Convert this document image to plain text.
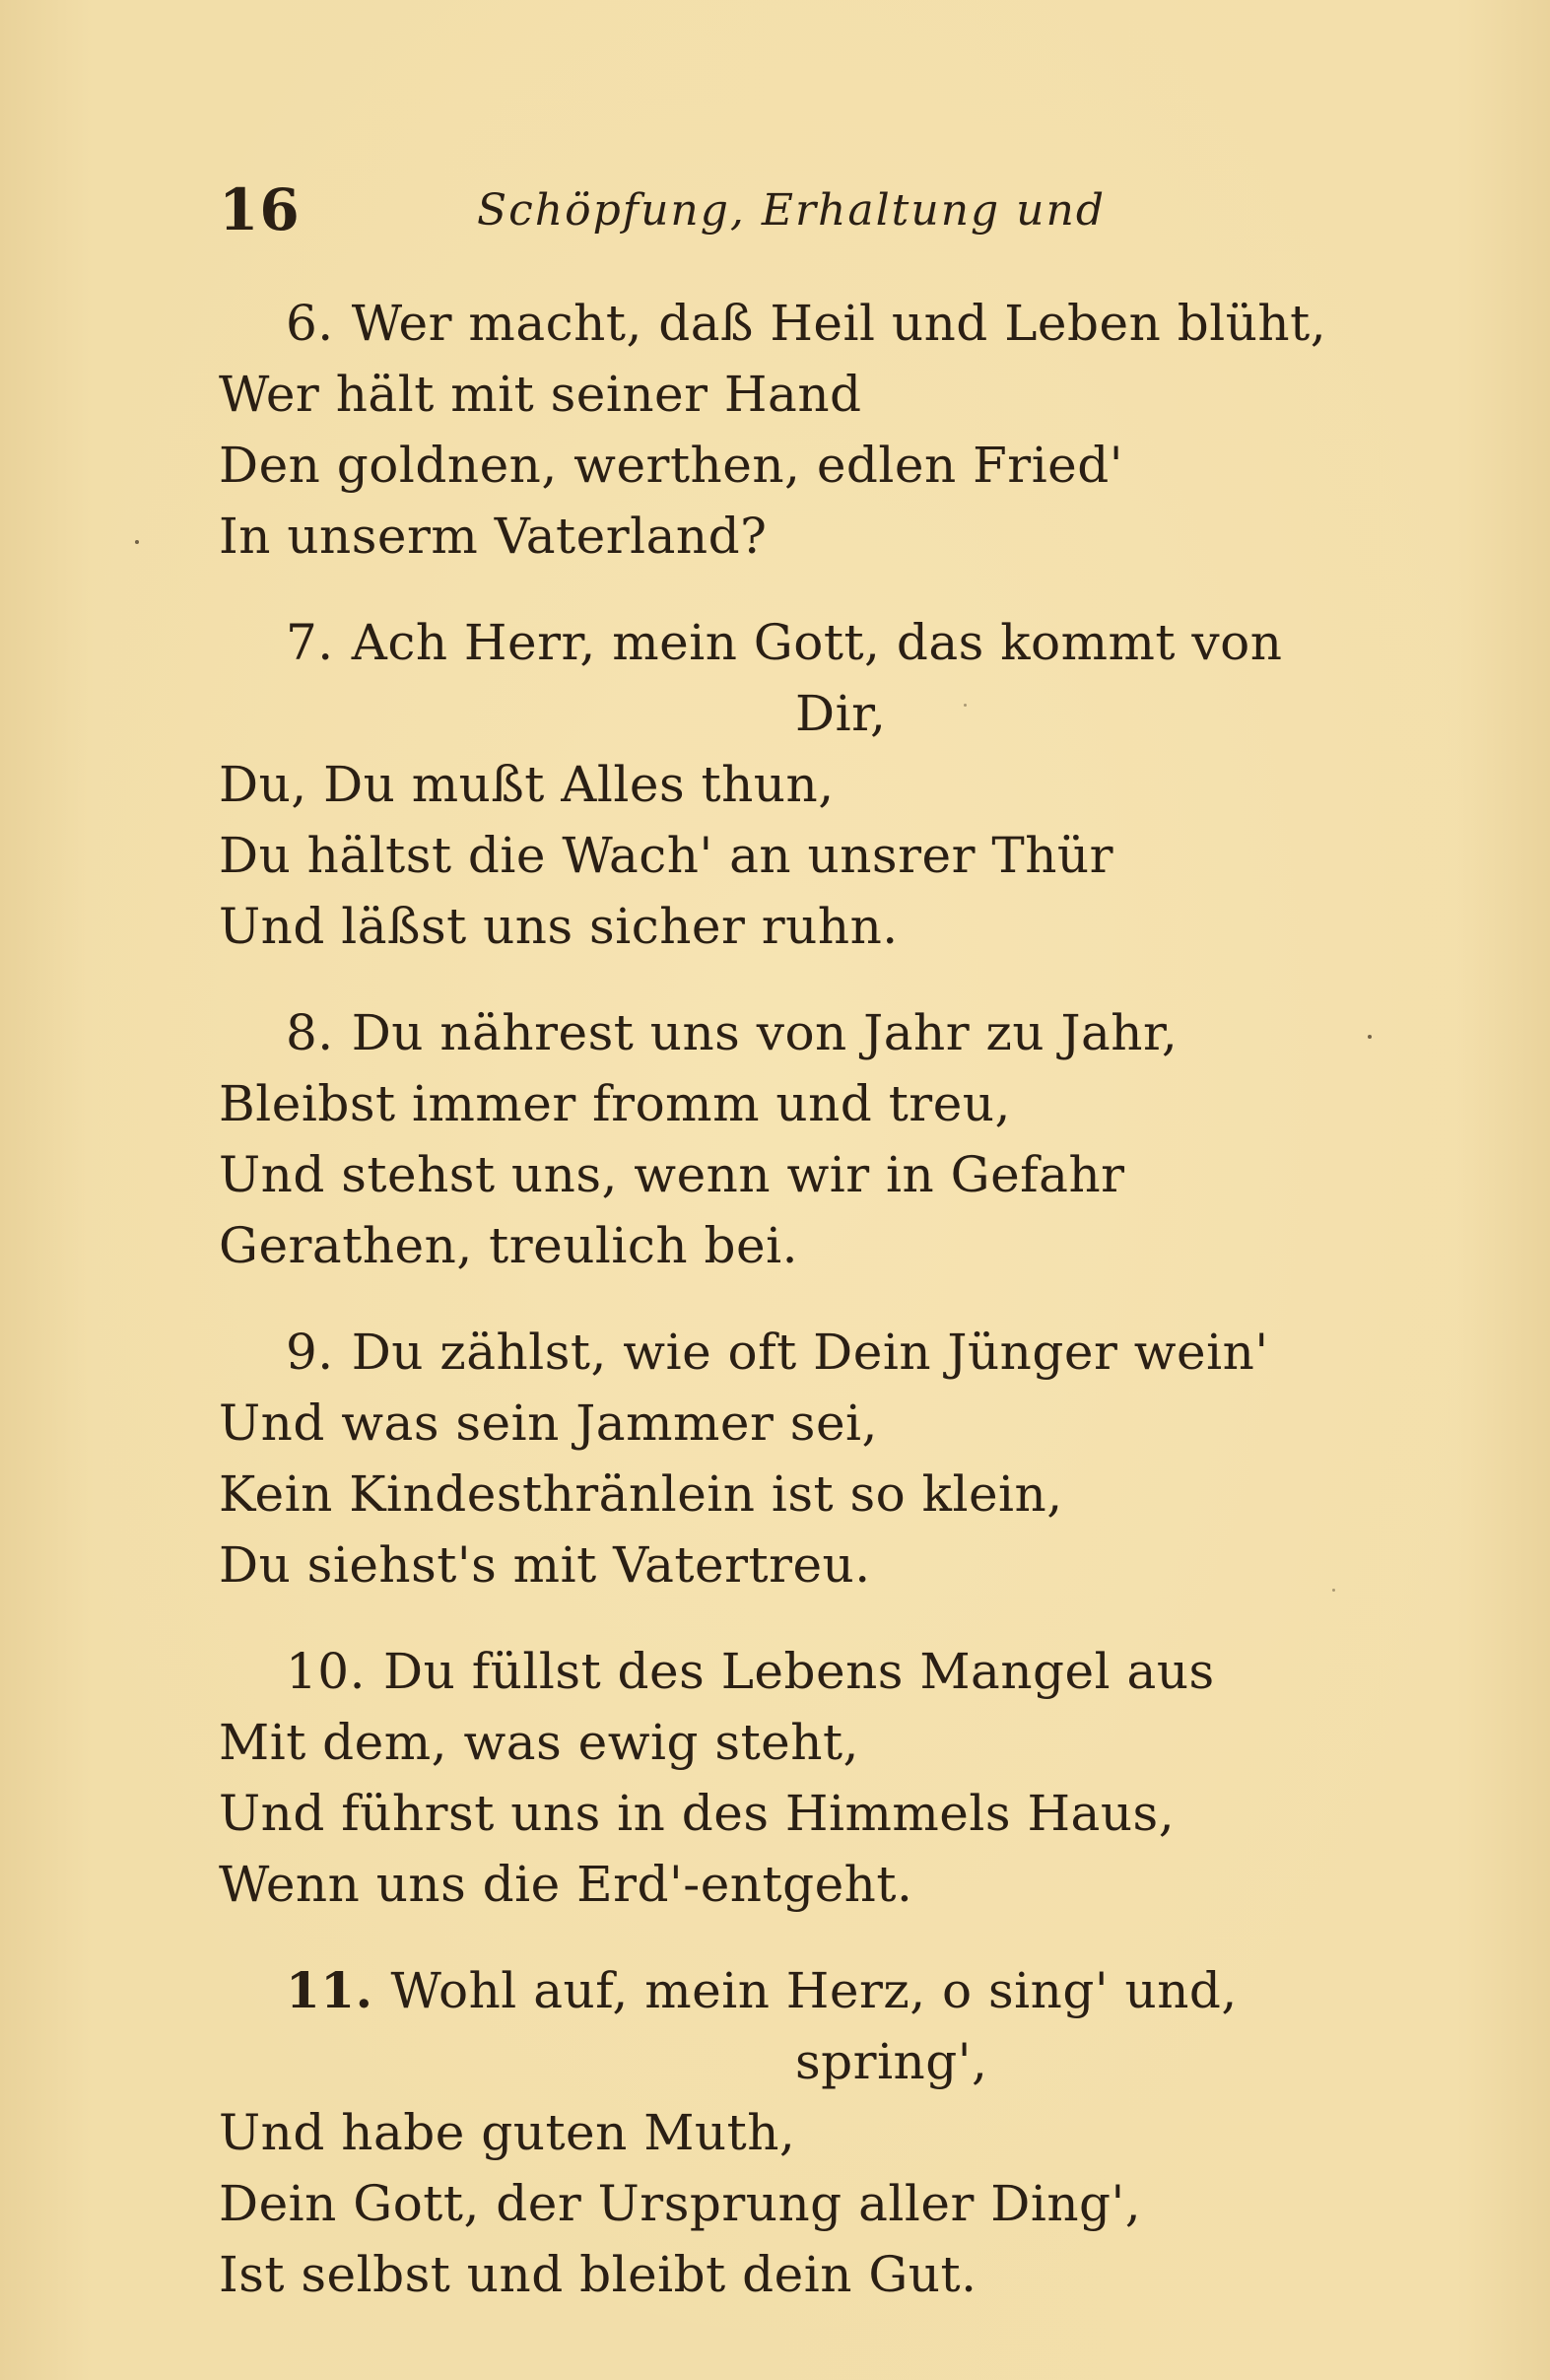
16	Schöpfung, Erhaltung und
6. Wer macht, daß Heil und Leben blüht,
Wer hält mit seiner Hand
Den goldnen, werthen, edlen Fried'
In unserm Vaterland?
7. Ach Herr, mein Gott, das kommt von
Dir,
Du, Du mußt Alles thun,
Du hältst die Wach' an unsrer Thür
Und läßst uns sicher ruhn.
8. Du nährest uns von Jahr zu Jahr,
Bleibst immer fromm und treu,
Und stehst uns, wenn wir in Gefahr
Gerathen, treulich bei.
9. Du zählst, wie oft Dein Jünger wein'
Und was sein Jammer sei,
Kein Kindesthränlein ist so klein,
Du siehst's mit Vatertreu.
10. Du füllst des Lebens Mangel aus
Mit dem, was ewig steht,
Und führst uns in des Himmels Haus,
Wenn uns die Erd'-entgeht.
11. Wohl auf, mein Herz, o sing' und,
spring',
Und habe guten Muth,
Dein Gott, der Ursprung aller Ding',
Ist selbst und bleibt dein Gut.
